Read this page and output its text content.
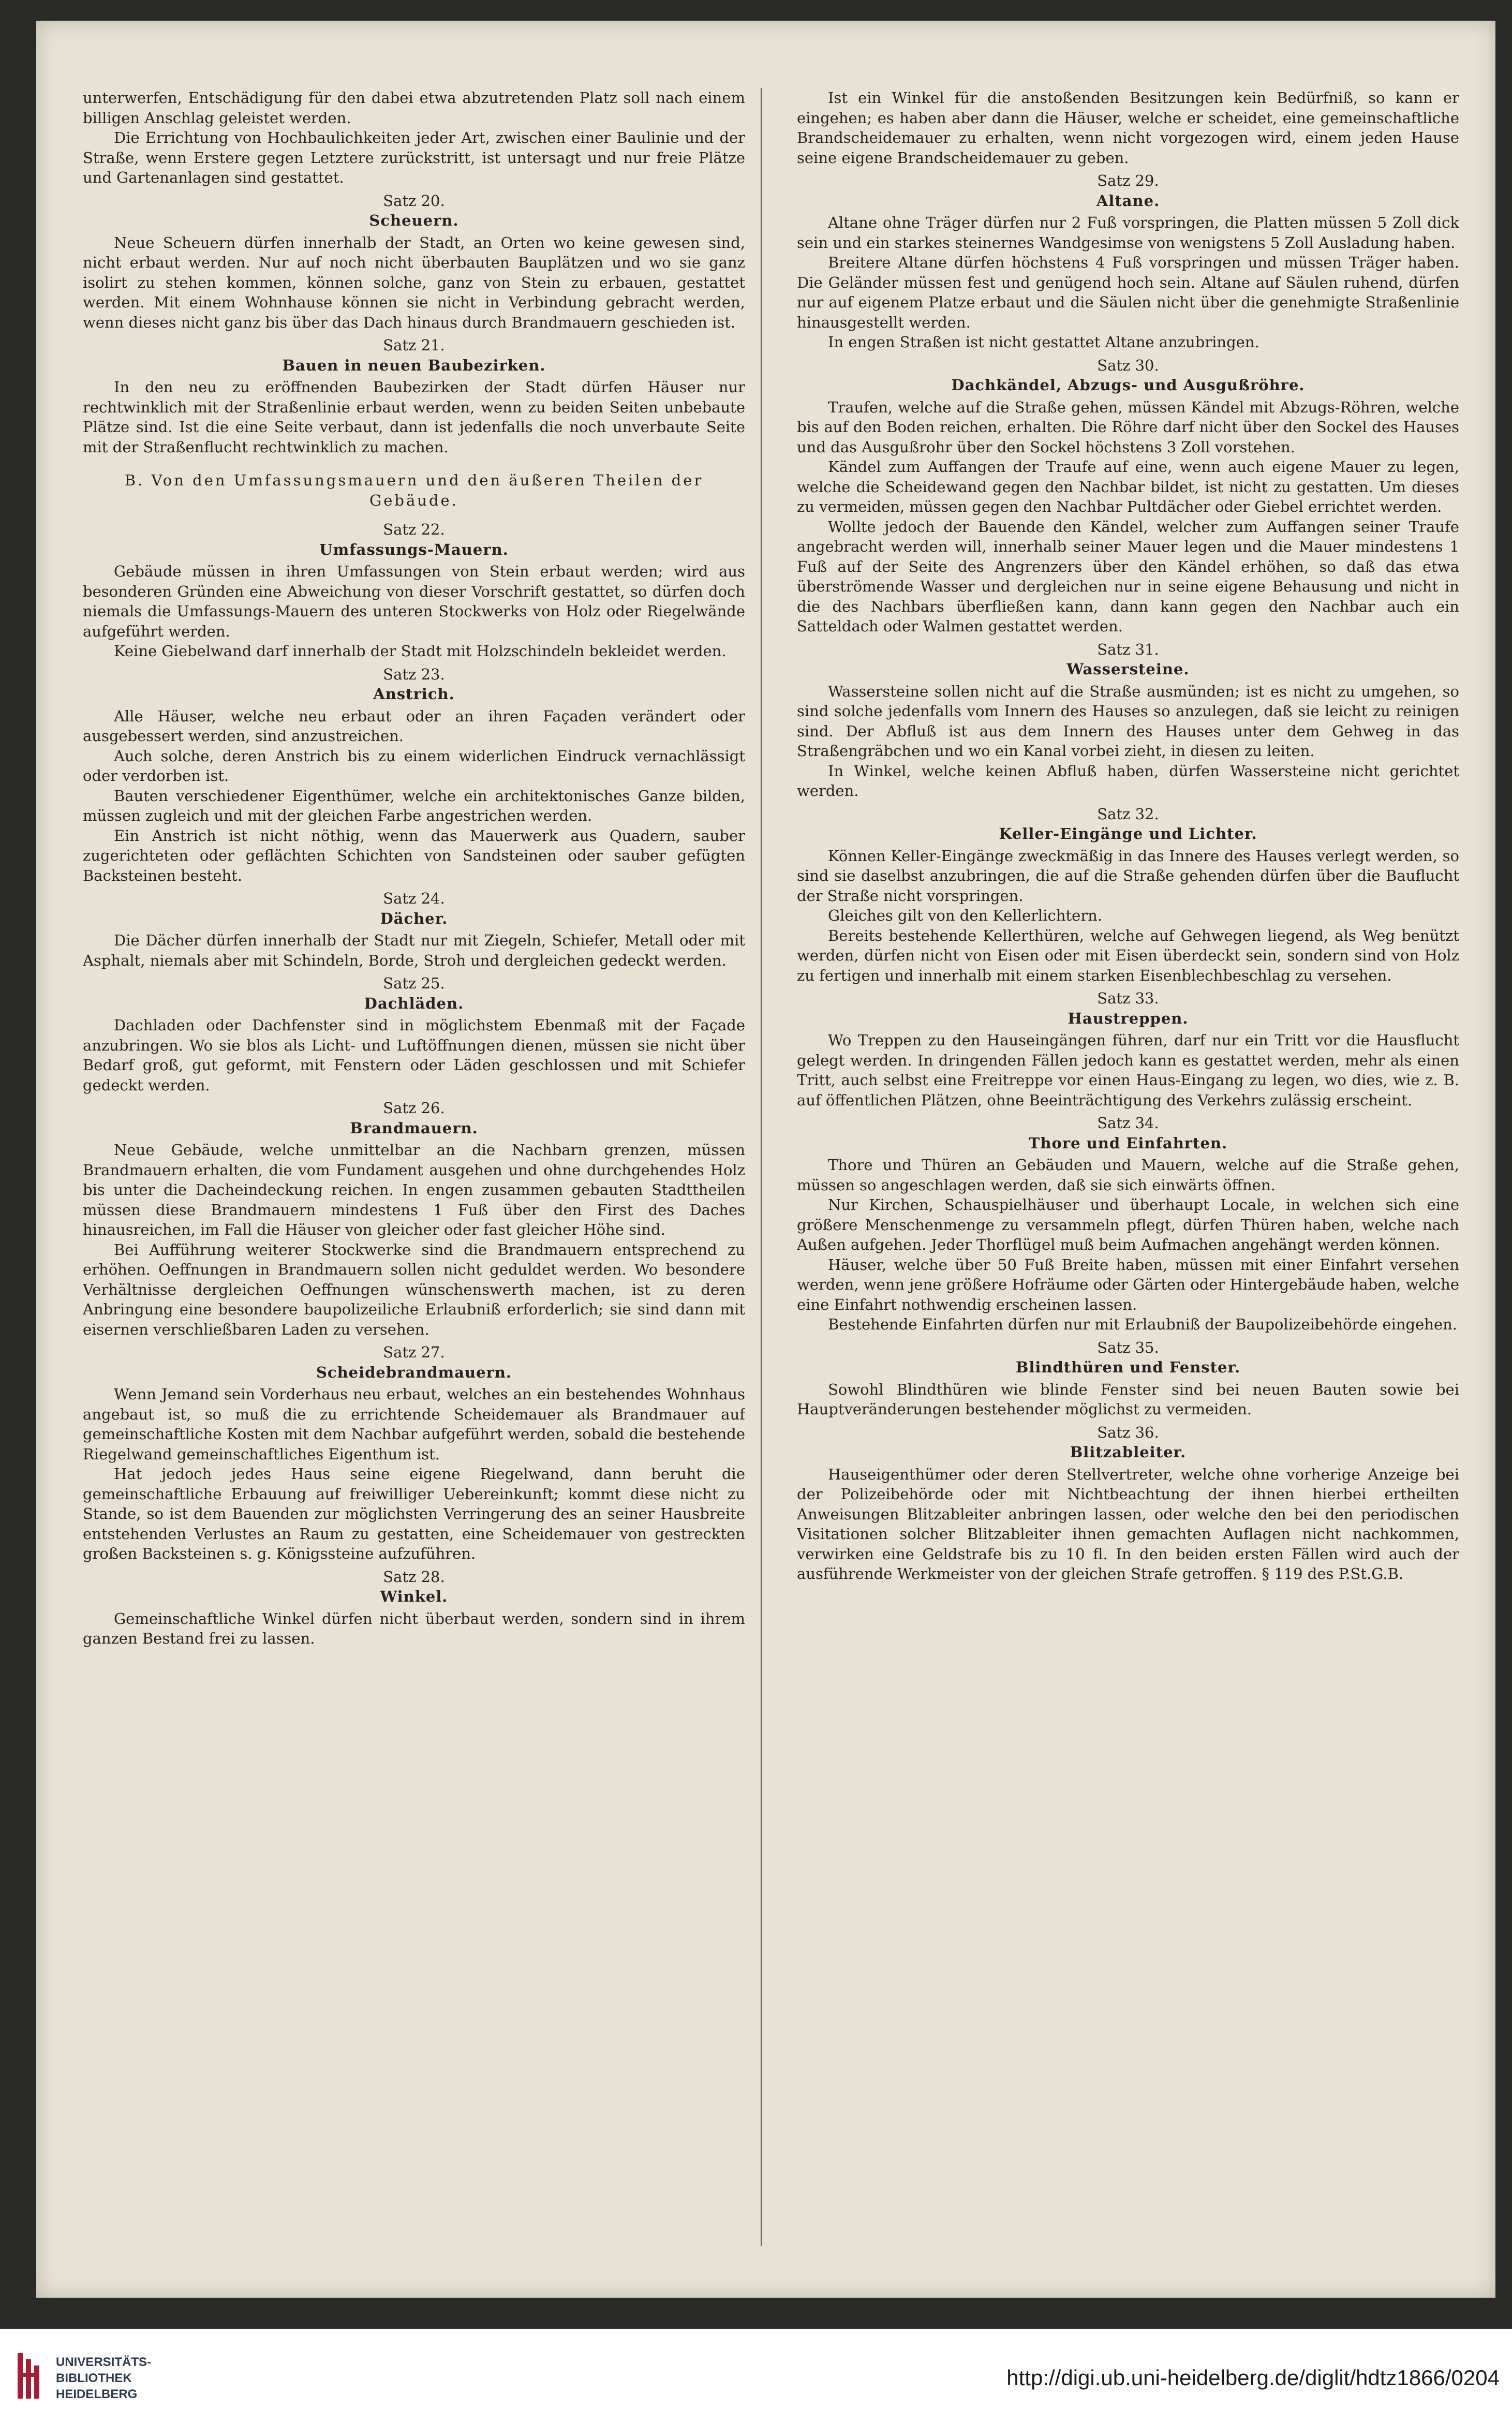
unterwerfen, Entschädigung für den dabei etwa abzutretenden Platz soll nach einem billigen Anschlag geleistet werden.

Die Errichtung von Hochbaulichkeiten jeder Art, zwischen einer Baulinie und der Straße, wenn Erstere gegen Letztere zurückstritt, ist untersagt und nur freie Plätze und Gartenanlagen sind gestattet.

Satz 20.
Scheuern.

Neue Scheuern dürfen innerhalb der Stadt, an Orten wo keine gewesen sind, nicht erbaut werden. Nur auf noch nicht überbauten Bauplätzen und wo sie ganz isolirt zu stehen kommen, können solche, ganz von Stein zu erbauen, gestattet werden. Mit einem Wohnhause können sie nicht in Verbindung gebracht werden, wenn dieses nicht ganz bis über das Dach hinaus durch Brandmauern geschieden ist.

Satz 21.
Bauen in neuen Baubezirken.

In den neu zu eröffnenden Baubezirken der Stadt dürfen Häuser nur rechtwinklich mit der Straßenlinie erbaut werden, wenn zu beiden Seiten unbebaute Plätze sind. Ist die eine Seite verbaut, dann ist jedenfalls die noch unverbaute Seite mit der Straßenflucht rechtwinklich zu machen.

B. Von den Umfassungsmauern und den äußeren Theilen der Gebäude.
Satz 22.
Umfassungs-Mauern.

Gebäude müssen in ihren Umfassungen von Stein erbaut werden; wird aus besonderen Gründen eine Abweichung von dieser Vorschrift gestattet, so dürfen doch niemals die Umfassungs-Mauern des unteren Stockwerks von Holz oder Riegelwände aufgeführt werden.

Keine Giebelwand darf innerhalb der Stadt mit Holzschindeln bekleidet werden.

Satz 23.
Anstrich.

Alle Häuser, welche neu erbaut oder an ihren Façaden verändert oder ausgebessert werden, sind anzustreichen.

Auch solche, deren Anstrich bis zu einem widerlichen Eindruck vernachlässigt oder verdorben ist.

Bauten verschiedener Eigenthümer, welche ein architektonisches Ganze bilden, müssen zugleich und mit der gleichen Farbe angestrichen werden.

Ein Anstrich ist nicht nöthig, wenn das Mauerwerk aus Quadern, sauber zugerichteten oder geflächten Schichten von Sandsteinen oder sauber gefügten Backsteinen besteht.

Satz 24.
Dächer.

Die Dächer dürfen innerhalb der Stadt nur mit Ziegeln, Schiefer, Metall oder mit Asphalt, niemals aber mit Schindeln, Borde, Stroh und dergleichen gedeckt werden.

Satz 25.
Dachläden.

Dachladen oder Dachfenster sind in möglichstem Ebenmaß mit der Façade anzubringen. Wo sie blos als Licht- und Luftöffnungen dienen, müssen sie nicht über Bedarf groß, gut geformt, mit Fenstern oder Läden geschlossen und mit Schiefer gedeckt werden.

Satz 26.
Brandmauern.

Neue Gebäude, welche unmittelbar an die Nachbarn grenzen, müssen Brandmauern erhalten, die vom Fundament ausgehen und ohne durchgehendes Holz bis unter die Dacheindeckung reichen. In engen zusammen gebauten Stadttheilen müssen diese Brandmauern mindestens 1 Fuß über den First des Daches hinausreichen, im Fall die Häuser von gleicher oder fast gleicher Höhe sind.

Bei Aufführung weiterer Stockwerke sind die Brandmauern entsprechend zu erhöhen. Oeffnungen in Brandmauern sollen nicht geduldet werden. Wo besondere Verhältnisse dergleichen Oeffnungen wünschenswerth machen, ist zu deren Anbringung eine besondere baupolizeiliche Erlaubniß erforderlich; sie sind dann mit eisernen verschließbaren Laden zu versehen.

Satz 27.
Scheidebrandmauern.

Wenn Jemand sein Vorderhaus neu erbaut, welches an ein bestehendes Wohnhaus angebaut ist, so muß die zu errichtende Scheidemauer als Brandmauer auf gemeinschaftliche Kosten mit dem Nachbar aufgeführt werden, sobald die bestehende Riegelwand gemeinschaftliches Eigenthum ist.

Hat jedoch jedes Haus seine eigene Riegelwand, dann beruht die gemeinschaftliche Erbauung auf freiwilliger Uebereinkunft; kommt diese nicht zu Stande, so ist dem Bauenden zur möglichsten Verringerung des an seiner Hausbreite entstehenden Verlustes an Raum zu gestatten, eine Scheidemauer von gestreckten großen Backsteinen s. g. Königssteine aufzuführen.

Satz 28.
Winkel.

Gemeinschaftliche Winkel dürfen nicht überbaut werden, sondern sind in ihrem ganzen Bestand frei zu lassen.

Ist ein Winkel für die anstoßenden Besitzungen kein Bedürfniß, so kann er eingehen; es haben aber dann die Häuser, welche er scheidet, eine gemeinschaftliche Brandscheidemauer zu erhalten, wenn nicht vorgezogen wird, einem jeden Hause seine eigene Brandscheidemauer zu geben.

Satz 29.
Altane.

Altane ohne Träger dürfen nur 2 Fuß vorspringen, die Platten müssen 5 Zoll dick sein und ein starkes steinernes Wandgesimse von wenigstens 5 Zoll Ausladung haben.

Breitere Altane dürfen höchstens 4 Fuß vorspringen und müssen Träger haben. Die Geländer müssen fest und genügend hoch sein. Altane auf Säulen ruhend, dürfen nur auf eigenem Platze erbaut und die Säulen nicht über die genehmigte Straßenlinie hinausgestellt werden.

In engen Straßen ist nicht gestattet Altane anzubringen.

Satz 30.
Dachkändel, Abzugs- und Ausgußröhre.

Traufen, welche auf die Straße gehen, müssen Kändel mit Abzugs-Röhren, welche bis auf den Boden reichen, erhalten. Die Röhre darf nicht über den Sockel des Hauses und das Ausgußrohr über den Sockel höchstens 3 Zoll vorstehen.

Kändel zum Auffangen der Traufe auf eine, wenn auch eigene Mauer zu legen, welche die Scheidewand gegen den Nachbar bildet, ist nicht zu gestatten. Um dieses zu vermeiden, müssen gegen den Nachbar Pultdächer oder Giebel errichtet werden.

Wollte jedoch der Bauende den Kändel, welcher zum Auffangen seiner Traufe angebracht werden will, innerhalb seiner Mauer legen und die Mauer mindestens 1 Fuß auf der Seite des Angrenzers über den Kändel erhöhen, so daß das etwa überströmende Wasser und dergleichen nur in seine eigene Behausung und nicht in die des Nachbars überfließen kann, dann kann gegen den Nachbar auch ein Satteldach oder Walmen gestattet werden.

Satz 31.
Wassersteine.

Wassersteine sollen nicht auf die Straße ausmünden; ist es nicht zu umgehen, so sind solche jedenfalls vom Innern des Hauses so anzulegen, daß sie leicht zu reinigen sind. Der Abfluß ist aus dem Innern des Hauses unter dem Gehweg in das Straßengräbchen und wo ein Kanal vorbei zieht, in diesen zu leiten.

In Winkel, welche keinen Abfluß haben, dürfen Wassersteine nicht gerichtet werden.

Satz 32.
Keller-Eingänge und Lichter.

Können Keller-Eingänge zweckmäßig in das Innere des Hauses verlegt werden, so sind sie daselbst anzubringen, die auf die Straße gehenden dürfen über die Bauflucht der Straße nicht vorspringen.

Gleiches gilt von den Kellerlichtern.

Bereits bestehende Kellerthüren, welche auf Gehwegen liegend, als Weg benützt werden, dürfen nicht von Eisen oder mit Eisen überdeckt sein, sondern sind von Holz zu fertigen und innerhalb mit einem starken Eisenblechbeschlag zu versehen.

Satz 33.
Haustreppen.

Wo Treppen zu den Hauseingängen führen, darf nur ein Tritt vor die Hausflucht gelegt werden. In dringenden Fällen jedoch kann es gestattet werden, mehr als einen Tritt, auch selbst eine Freitreppe vor einen Haus-Eingang zu legen, wo dies, wie z. B. auf öffentlichen Plätzen, ohne Beeinträchtigung des Verkehrs zulässig erscheint.

Satz 34.
Thore und Einfahrten.

Thore und Thüren an Gebäuden und Mauern, welche auf die Straße gehen, müssen so angeschlagen werden, daß sie sich einwärts öffnen.

Nur Kirchen, Schauspielhäuser und überhaupt Locale, in welchen sich eine größere Menschenmenge zu versammeln pflegt, dürfen Thüren haben, welche nach Außen aufgehen. Jeder Thorflügel muß beim Aufmachen angehängt werden können.

Häuser, welche über 50 Fuß Breite haben, müssen mit einer Einfahrt versehen werden, wenn jene größere Hofräume oder Gärten oder Hintergebäude haben, welche eine Einfahrt nothwendig erscheinen lassen.

Bestehende Einfahrten dürfen nur mit Erlaubniß der Baupolizeibehörde eingehen.

Satz 35.
Blindthüren und Fenster.

Sowohl Blindthüren wie blinde Fenster sind bei neuen Bauten sowie bei Hauptveränderungen bestehender möglichst zu vermeiden.

Satz 36.
Blitzableiter.

Hauseigenthümer oder deren Stellvertreter, welche ohne vorherige Anzeige bei der Polizeibehörde oder mit Nichtbeachtung der ihnen hierbei ertheilten Anweisungen Blitzableiter anbringen lassen, oder welche den bei den periodischen Visitationen solcher Blitzableiter ihnen gemachten Auflagen nicht nachkommen, verwirken eine Geldstrafe bis zu 10 fl. In den beiden ersten Fällen wird auch der ausführende Werkmeister von der gleichen Strafe getroffen. § 119 des P.St.G.B.

UNIVERSITÄTS-
BIBLIOTHEK
HEIDELBERG
http://digi.ub.uni-heidelberg.de/diglit/hdtz1866/0204
